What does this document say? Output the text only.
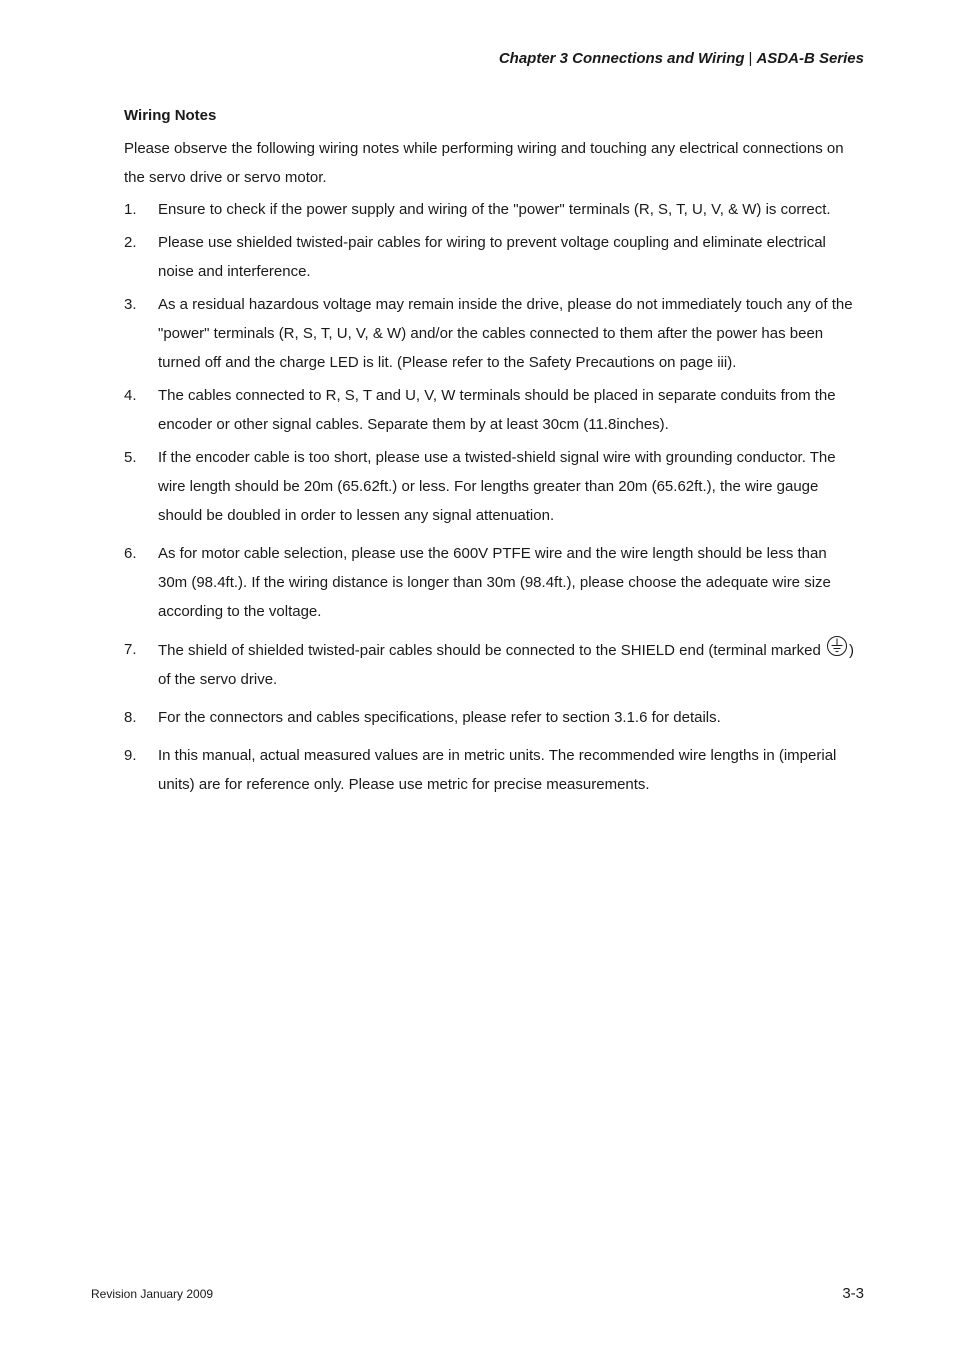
Chapter 3 Connections and Wiring | ASDA-B Series
Wiring Notes
Please observe the following wiring notes while performing wiring and touching any electrical connections on the servo drive or servo motor.
1.	Ensure to check if the power supply and wiring of the "power" terminals (R, S, T, U, V, & W) is correct.
2.	Please use shielded twisted-pair cables for wiring to prevent voltage coupling and eliminate electrical noise and interference.
3.	As a residual hazardous voltage may remain inside the drive, please do not immediately touch any of the "power" terminals (R, S, T, U, V, & W) and/or the cables connected to them after the power has been turned off and the charge LED is lit. (Please refer to the Safety Precautions on page iii).
4.	The cables connected to R, S, T and U, V, W terminals should be placed in separate conduits from the encoder or other signal cables. Separate them by at least 30cm (11.8inches).
5.	If the encoder cable is too short, please use a twisted-shield signal wire with grounding conductor. The wire length should be 20m (65.62ft.) or less. For lengths greater than 20m (65.62ft.), the wire gauge should be doubled in order to lessen any signal attenuation.
6.	As for motor cable selection, please use the 600V PTFE wire and the wire length should be less than 30m (98.4ft.). If the wiring distance is longer than 30m (98.4ft.), please choose the adequate wire size according to the voltage.
7.	The shield of shielded twisted-pair cables should be connected to the SHIELD end (terminal marked ) of the servo drive.
8.	For the connectors and cables specifications, please refer to section 3.1.6 for details.
9.	In this manual, actual measured values are in metric units. The recommended wire lengths in (imperial units) are for reference only. Please use metric for precise measurements.
Revision January 2009	3-3
